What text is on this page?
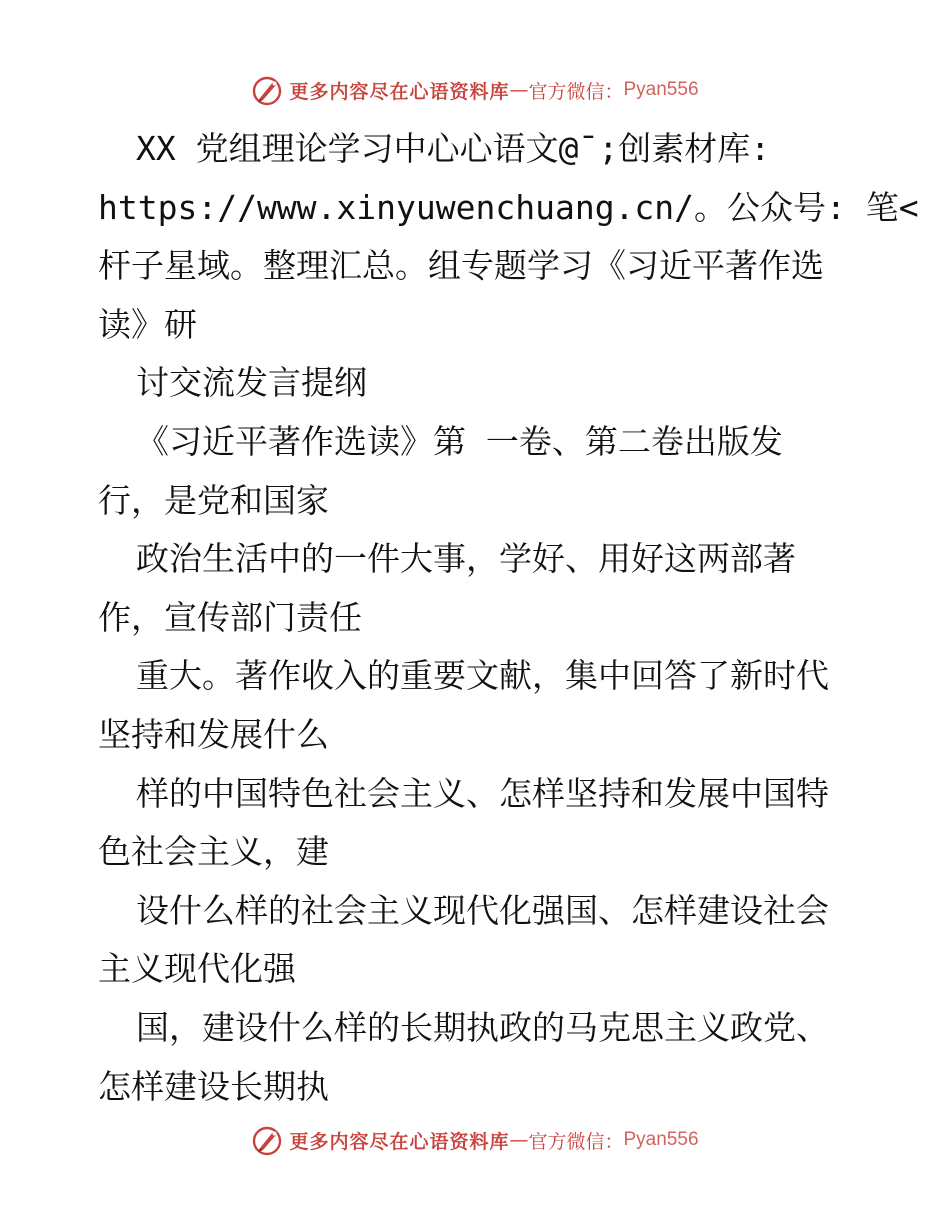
更多内容尽在心语资料库 — 官方微信： Pyan556
XX 党组理论学习中心心语文@¯;创素材库:
https://www.xinyuwenchuang.cn/。公众号: 笔<
杆子星域。整理汇总。组专题学习《习近平著作选
读》研
讨交流发言提纲
《习近平著作选读》第 一卷、第二卷出版发
行，是党和国家
政治生活中的一件大事，学好、用好这两部著
作，宣传部门责任
重大。著作收入的重要文献，集中回答了新时代
坚持和发展什么
样的中国特色社会主义、怎样坚持和发展中国特
色社会主义，建
设什么样的社会主义现代化强国、怎样建设社会
主义现代化强
国，建设什么样的长期执政的马克思主义政党、
怎样建设长期执
更多内容尽在心语资料库 — 官方微信： Pyan556
